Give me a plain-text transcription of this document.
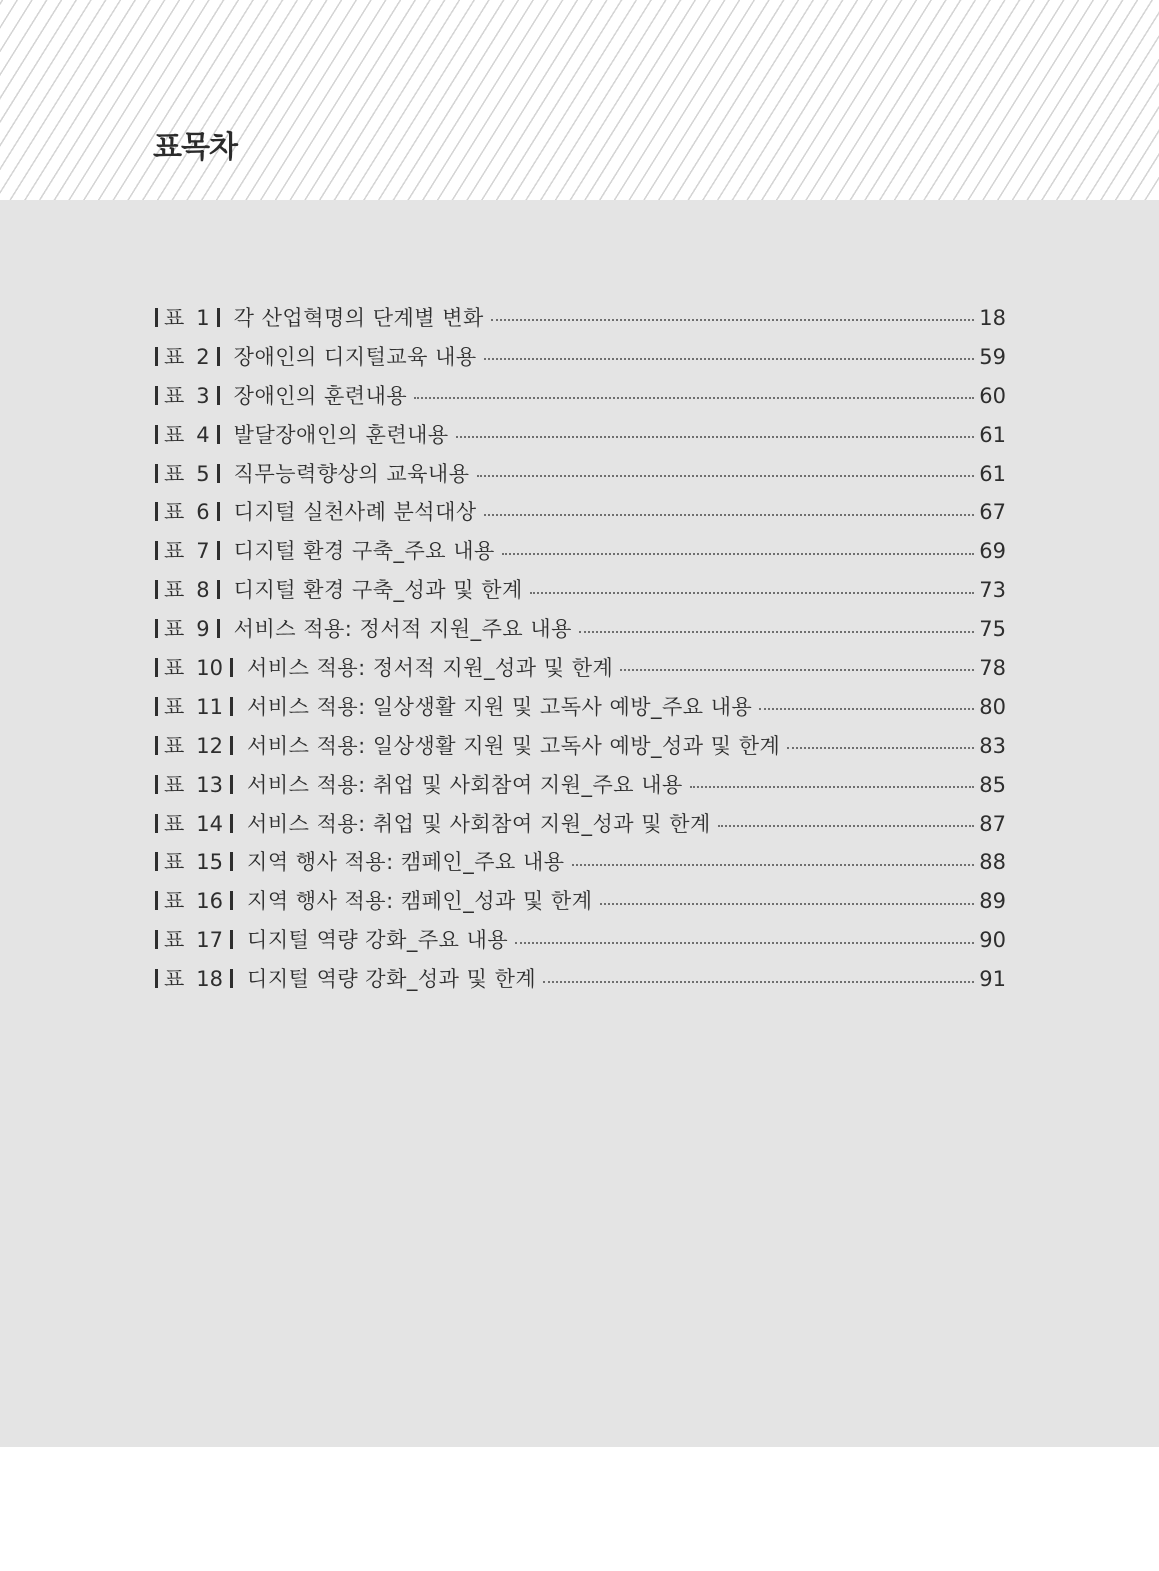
표목차
표 1	각 산업혁명의 단계별 변화	18
표 2	장애인의 디지털교육 내용	59
표 3	장애인의 훈련내용	60
표 4	발달장애인의 훈련내용	61
표 5	직무능력향상의 교육내용	61
표 6	디지털 실천사례 분석대상	67
표 7	디지털 환경 구축_주요 내용	69
표 8	디지털 환경 구축_성과 및 한계	73
표 9	서비스 적용: 정서적 지원_주요 내용	75
표 10	서비스 적용: 정서적 지원_성과 및 한계	78
표 11	서비스 적용: 일상생활 지원 및 고독사 예방_주요 내용	80
표 12	서비스 적용: 일상생활 지원 및 고독사 예방_성과 및 한계	83
표 13	서비스 적용: 취업 및 사회참여 지원_주요 내용	85
표 14	서비스 적용: 취업 및 사회참여 지원_성과 및 한계	87
표 15	지역 행사 적용: 캠페인_주요 내용	88
표 16	지역 행사 적용: 캠페인_성과 및 한계	89
표 17	디지털 역량 강화_주요 내용	90
표 18	디지털 역량 강화_성과 및 한계	91
